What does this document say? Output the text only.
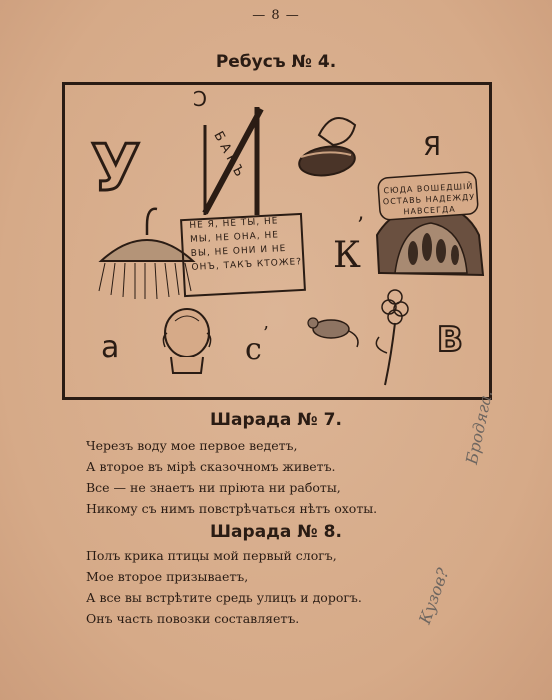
— 8 —
Ребусъ № 4.
У
С
Б А Р Ъ	Я
К
’
а	с ’	В
НЕ Я, НЕ ТЫ, НЕ
МЫ, НЕ ОНА, НЕ
ВЫ, НЕ ОНИ И НЕ
ОНЪ, ТАКЪ КТОЖЕ?
СЮДА ВОШЕДШІЙ
ОСТАВЬ НАДЕЖДУ
НАВСЕГДА
Шарада № 7.
Черезъ воду мое первое ведетъ,
А второе въ мірѣ сказочномъ живетъ.
Все — не знаетъ ни пріюта ни работы,
Никому съ нимъ повстрѣчаться нѣтъ охоты.
Шарада № 8.
Полъ крика птицы мой первый слогъ,
Мое второе призываетъ,
А все вы встрѣтите средь улицъ и дорогъ.
Онъ часть повозки составляетъ.
Бродяга.
Кузов?
